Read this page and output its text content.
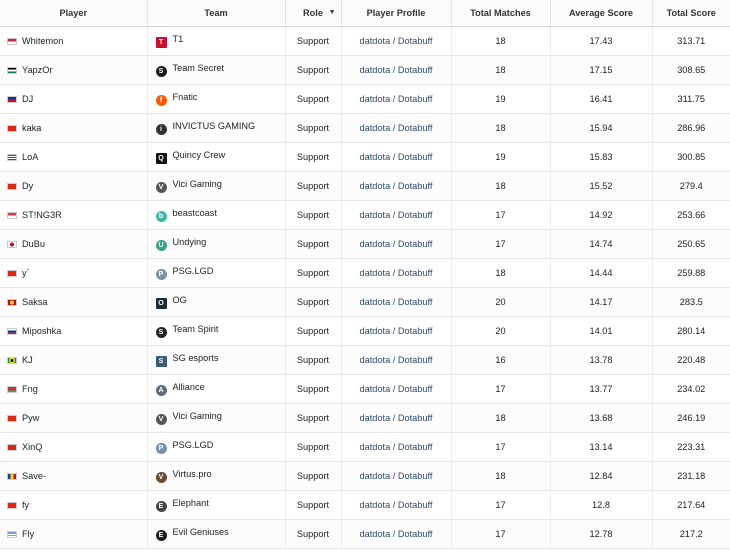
Player	Team	Role ▼	Player Profile	Total Matches	Average Score	Total Score
Whitemon	T T1	Support	datdota / Dotabuff	18	17.43	313.71
YapzOr	S Team Secret	Support	datdota / Dotabuff	18	17.15	308.65
DJ	f Fnatic	Support	datdota / Dotabuff	19	16.41	311.75
kaka	i INVICTUS GAMING	Support	datdota / Dotabuff	18	15.94	286.96
LoA	Q Quincy Crew	Support	datdota / Dotabuff	19	15.83	300.85
Dy	V Vici Gaming	Support	datdota / Dotabuff	18	15.52	279.4
ST!NG3R	b beastcoast	Support	datdota / Dotabuff	17	14.92	253.66
DuBu	U Undying	Support	datdota / Dotabuff	17	14.74	250.65
y`	P PSG.LGD	Support	datdota / Dotabuff	18	14.44	259.88
Saksa	O OG	Support	datdota / Dotabuff	20	14.17	283.5
Miposhka	S Team Spirit	Support	datdota / Dotabuff	20	14.01	280.14
KJ	S SG esports	Support	datdota / Dotabuff	16	13.78	220.48
Fng	A Alliance	Support	datdota / Dotabuff	17	13.77	234.02
Pyw	V Vici Gaming	Support	datdota / Dotabuff	18	13.68	246.19
XinQ	P PSG.LGD	Support	datdota / Dotabuff	17	13.14	223.31
Save-	V Virtus.pro	Support	datdota / Dotabuff	18	12.84	231.18
fy	E Elephant	Support	datdota / Dotabuff	17	12.8	217.64
Fly	E Evil Geniuses	Support	datdota / Dotabuff	17	12.78	217.2
